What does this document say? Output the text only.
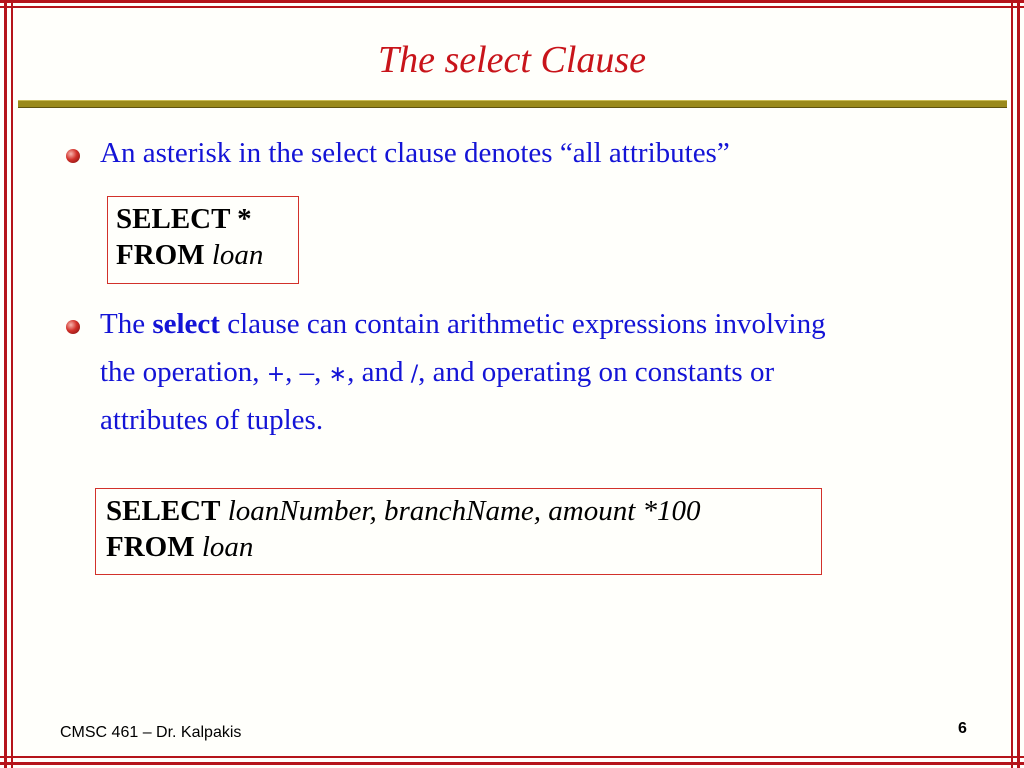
The select Clause
An asterisk in the select clause denotes “all attributes”
SELECT *
FROM loan
The select clause can contain arithmetic expressions involving
the operation, +, –, ∗, and /, and operating on constants or
attributes of tuples.
SELECT loanNumber, branchName, amount *100
FROM loan
CMSC 461 – Dr. Kalpakis	6
